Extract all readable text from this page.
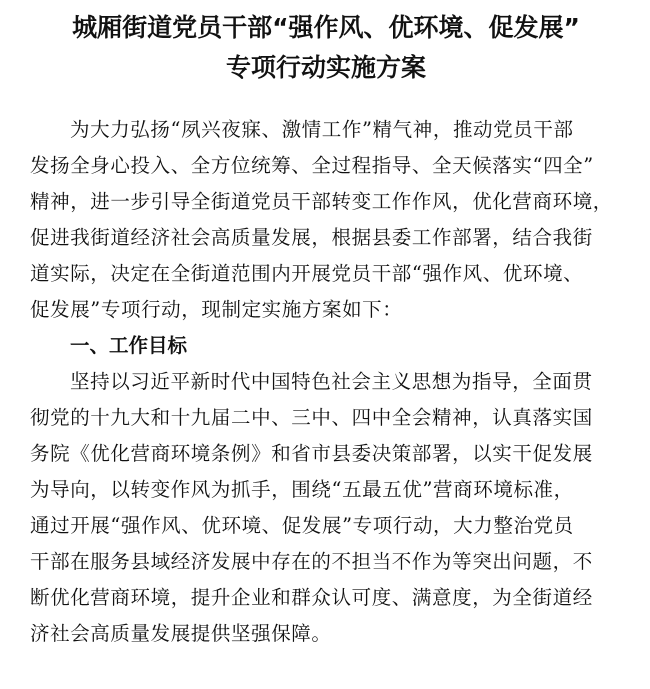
城厢街道党员干部“强作风、优环境、促发展”
专项行动实施方案
为大力弘扬“夙兴夜寐、激情工作”精气神，推动党员干部
发扬全身心投入、全方位统筹、全过程指导、全天候落实“四全”
精神，进一步引导全街道党员干部转变工作作风，优化营商环境，
促进我街道经济社会高质量发展，根据县委工作部署，结合我街
道实际，决定在全街道范围内开展党员干部“强作风、优环境、
促发展”专项行动，现制定实施方案如下：
一、工作目标
坚持以习近平新时代中国特色社会主义思想为指导，全面贯
彻党的十九大和十九届二中、三中、四中全会精神，认真落实国
务院《优化营商环境条例》和省市县委决策部署，以实干促发展
为导向，以转变作风为抓手，围绕“五最五优”营商环境标准，
通过开展“强作风、优环境、促发展”专项行动，大力整治党员
干部在服务县域经济发展中存在的不担当不作为等突出问题，不
断优化营商环境，提升企业和群众认可度、满意度，为全街道经
济社会高质量发展提供坚强保障。
